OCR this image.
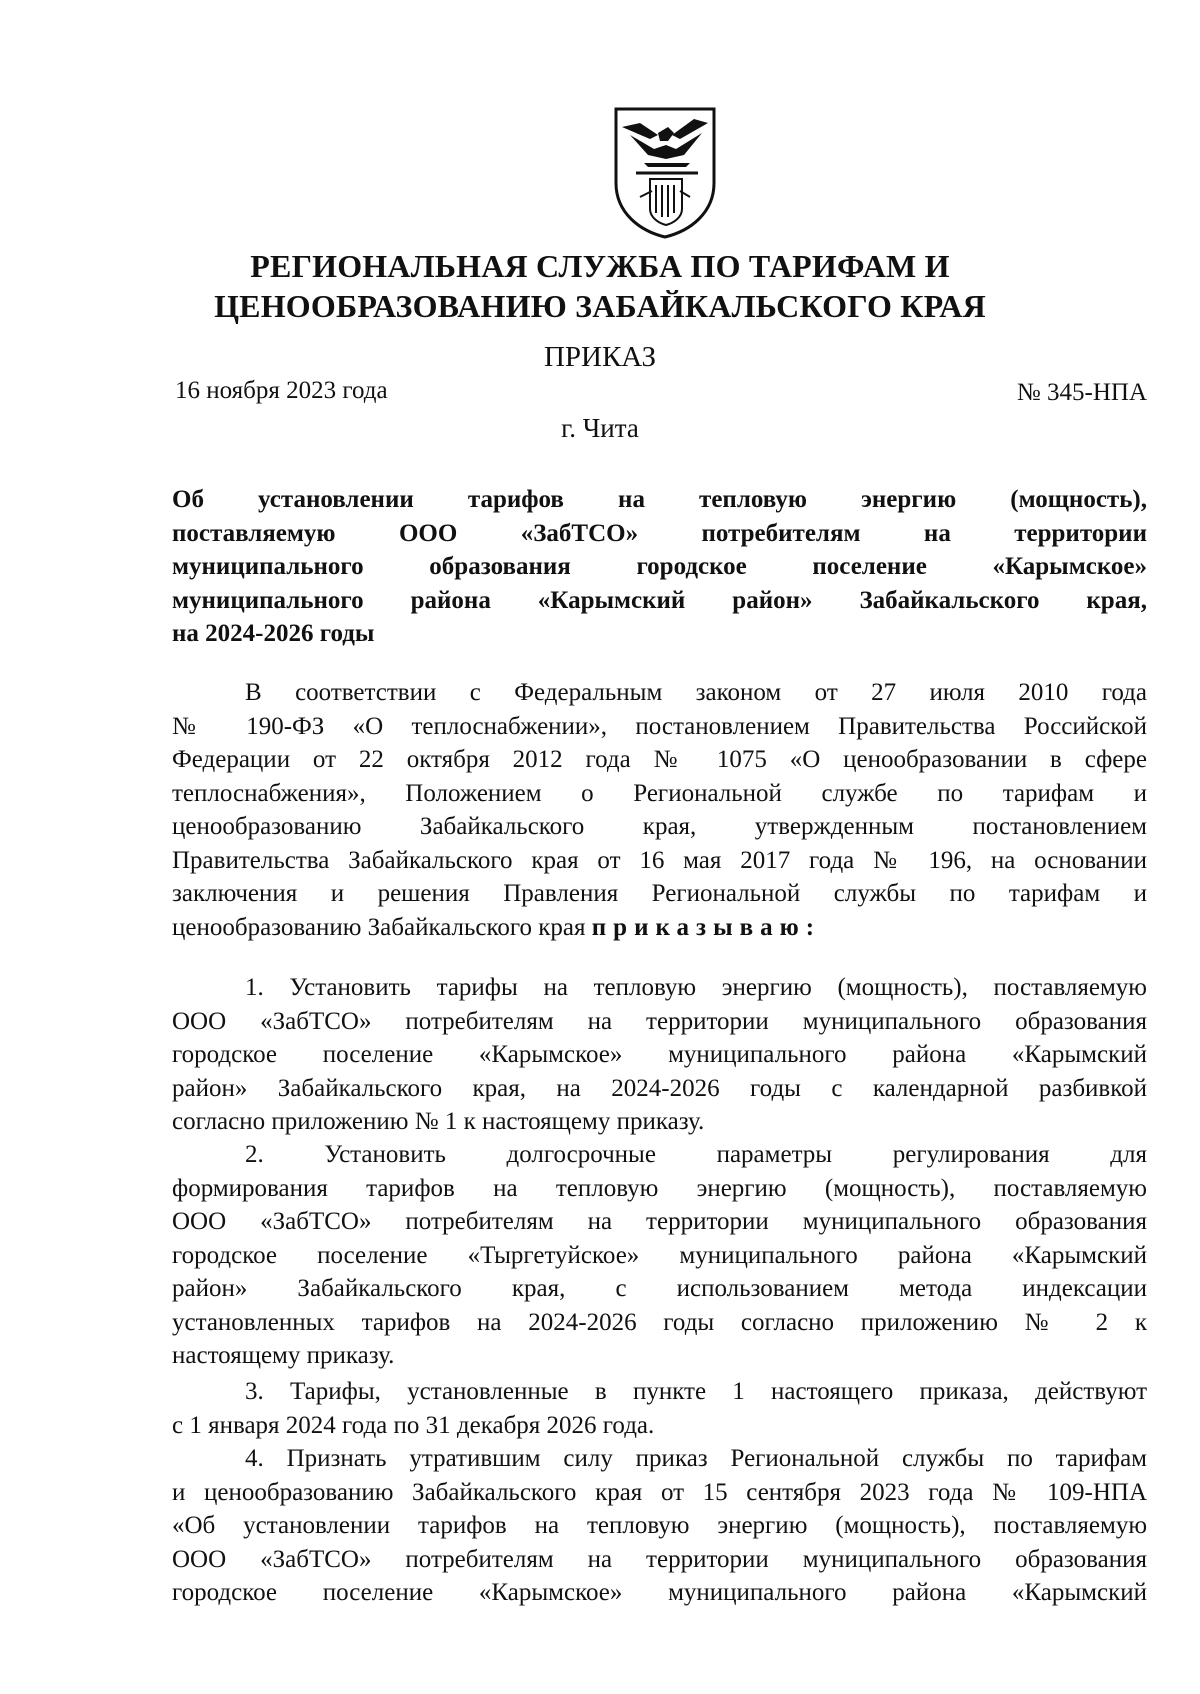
РЕГИОНАЛЬНАЯ СЛУЖБА ПО ТАРИФАМ И
ЦЕНООБРАЗОВАНИЮ ЗАБАЙКАЛЬСКОГО КРАЯ
ПРИКАЗ
16 ноября 2023 года	№ 345-НПА
г. Чита
Об установлении тарифов на тепловую энергию (мощность),
поставляемую ООО «ЗабТСО» потребителям на территории
муниципального образования городское поселение «Карымское»
муниципального района «Карымский район» Забайкальского края,
на 2024-2026 годы
В соответствии с Федеральным законом от 27 июля 2010 года
№ 190-ФЗ «О теплоснабжении», постановлением Правительства Российской
Федерации от 22 октября 2012 года № 1075 «О ценообразовании в сфере
теплоснабжения», Положением о Региональной службе по тарифам и
ценообразованию Забайкальского края, утвержденным постановлением
Правительства Забайкальского края от 16 мая 2017 года № 196, на основании
заключения и решения Правления Региональной службы по тарифам и
ценообразованию Забайкальского края приказываю:
1. Установить тарифы на тепловую энергию (мощность), поставляемую
ООО «ЗабТСО» потребителям на территории муниципального образования
городское поселение «Карымское» муниципального района «Карымский
район» Забайкальского края, на 2024-2026 годы с календарной разбивкой
согласно приложению № 1 к настоящему приказу.
2. Установить долгосрочные параметры регулирования для
формирования тарифов на тепловую энергию (мощность), поставляемую
ООО «ЗабТСО» потребителям на территории муниципального образования
городское поселение «Тыргетуйское» муниципального района «Карымский
район» Забайкальского края, с использованием метода индексации
установленных тарифов на 2024-2026 годы согласно приложению № 2 к
настоящему приказу.
3. Тарифы, установленные в пункте 1 настоящего приказа, действуют
с 1 января 2024 года по 31 декабря 2026 года.
4. Признать утратившим силу приказ Региональной службы по тарифам
и ценообразованию Забайкальского края от 15 сентября 2023 года № 109-НПА
«Об установлении тарифов на тепловую энергию (мощность), поставляемую
ООО «ЗабТСО» потребителям на территории муниципального образования
городское поселение «Карымское» муниципального района «Карымский
